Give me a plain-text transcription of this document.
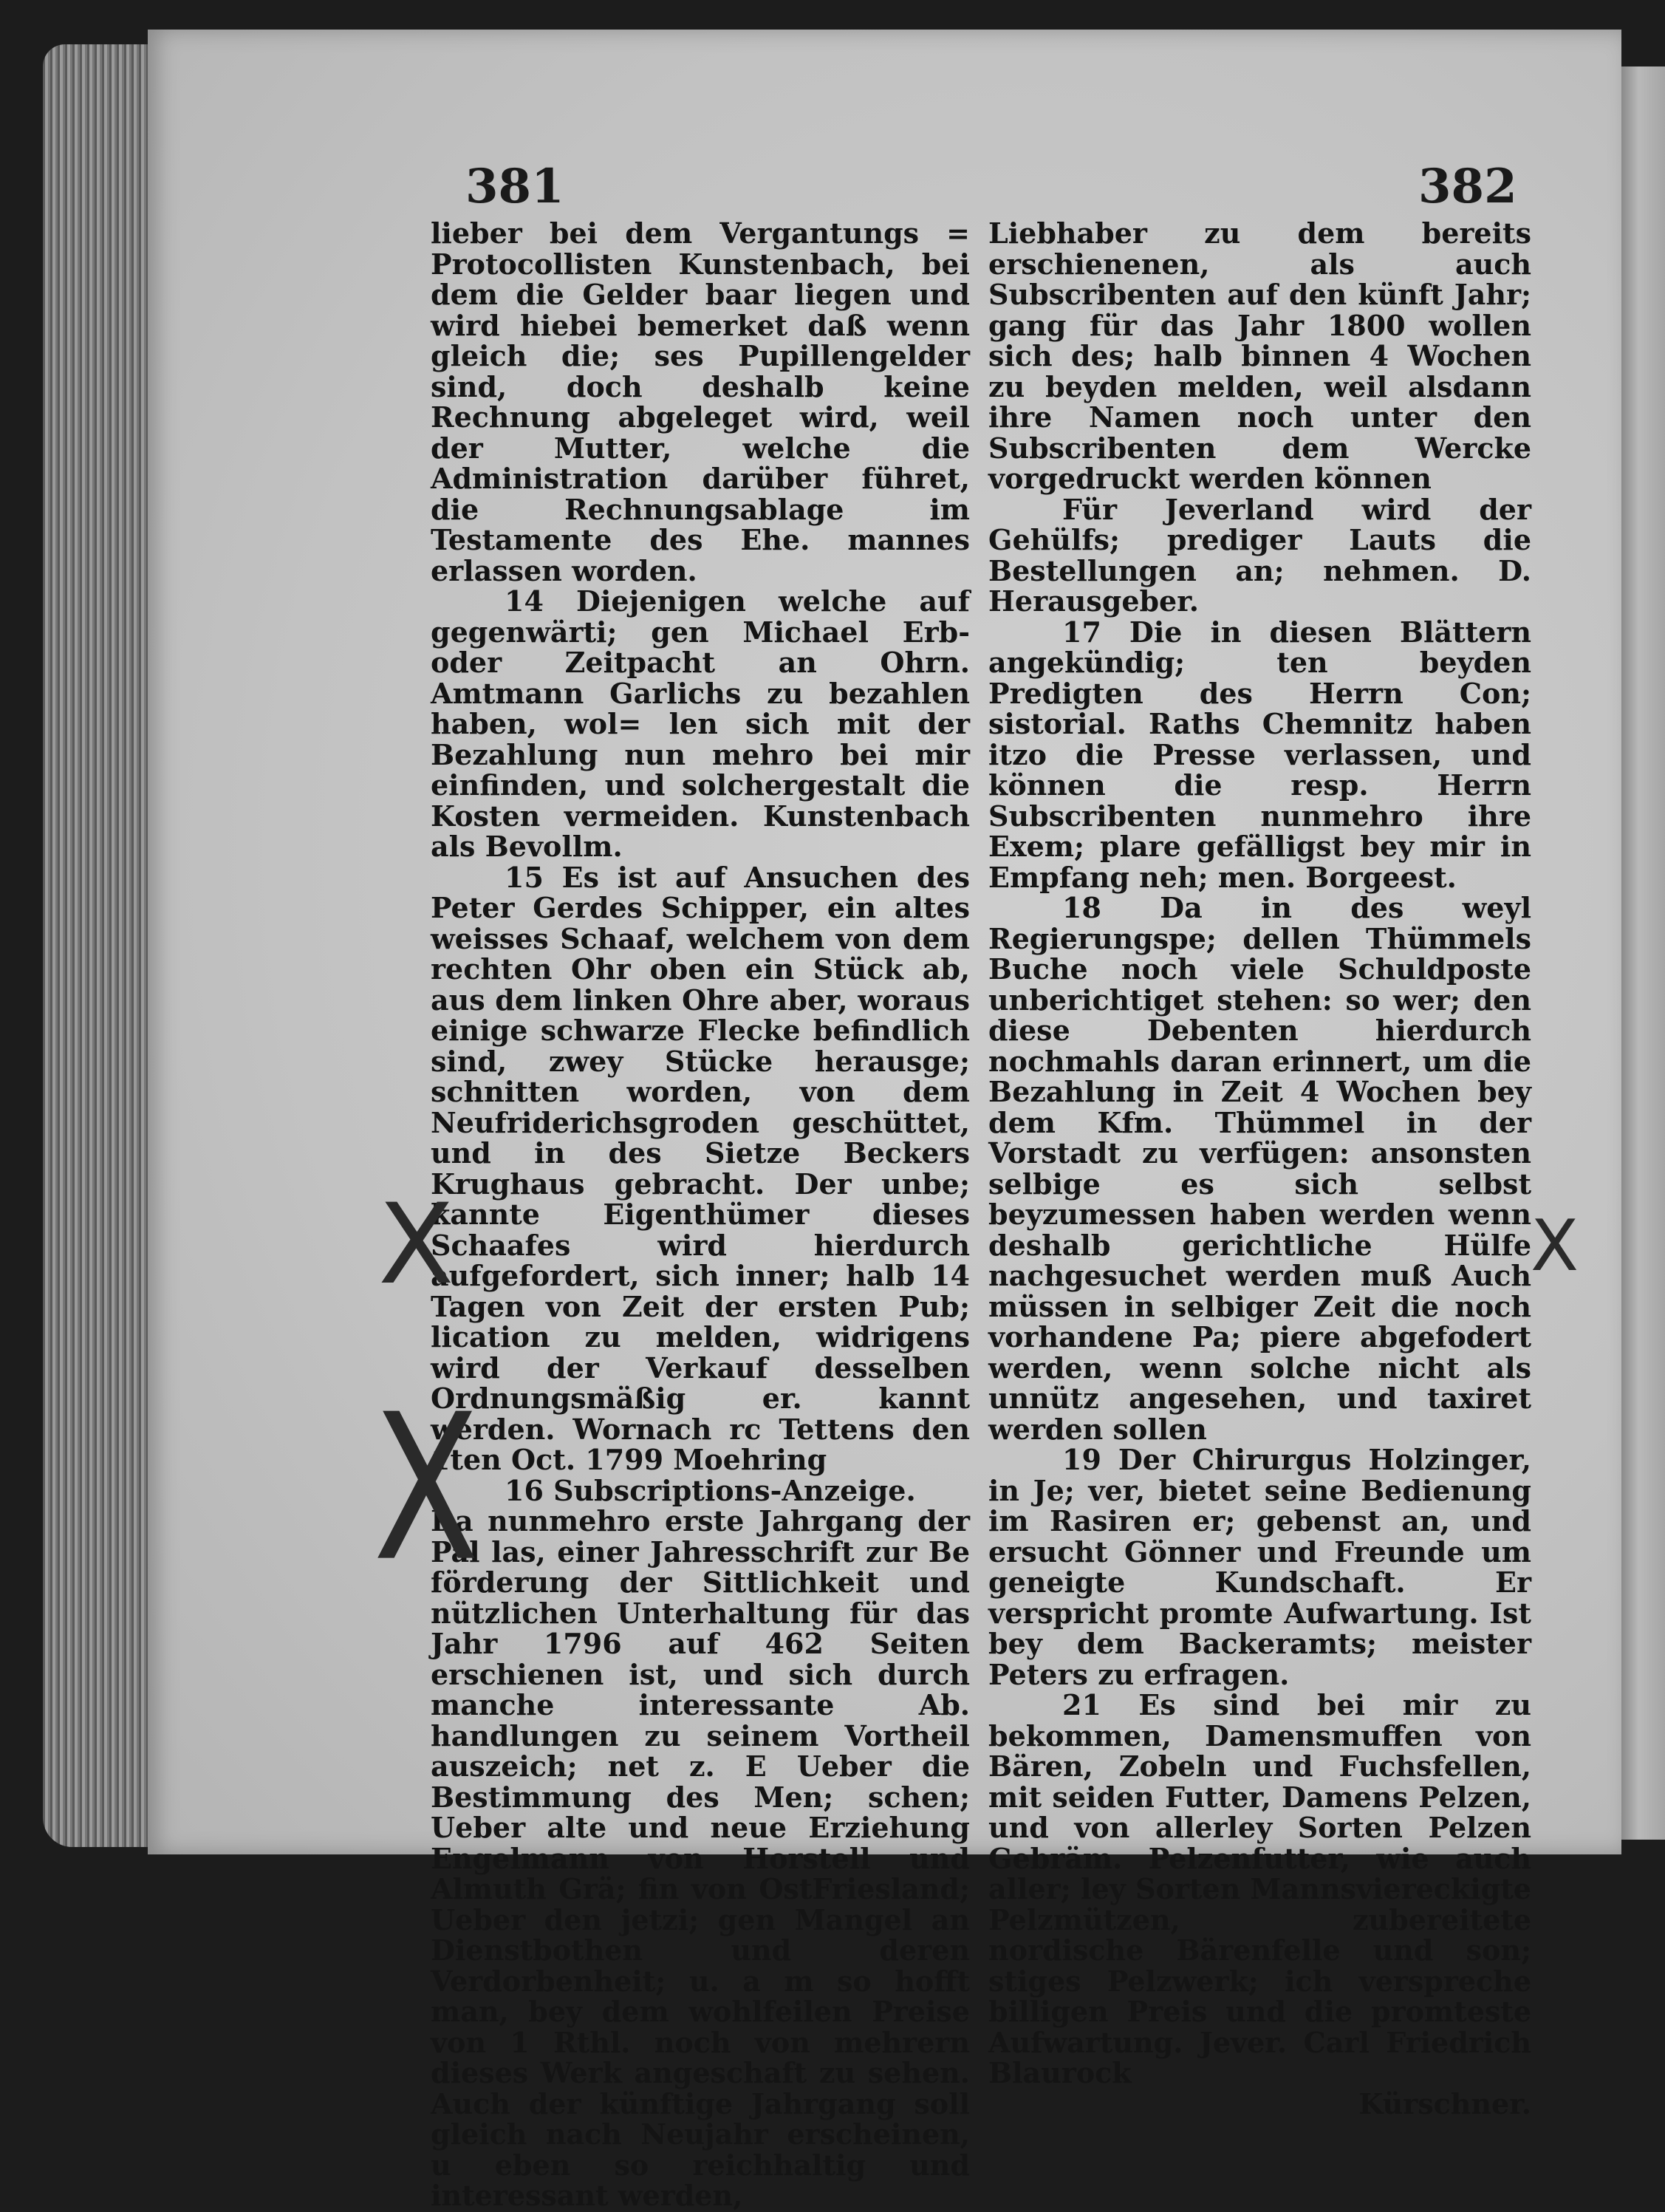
381	382

lieber bei dem Vergantungs = Protocollisten Kunstenbach, bei dem die Gelder baar liegen und wird hiebei bemerket daß wenn gleich die; ses Pupillengelder sind, doch deshalb keine Rechnung abgeleget wird, weil der Mutter, welche die Administration darüber führet, die Rechnungsablage im Testamente des Ehe. mannes erlassen worden.

14 Diejenigen welche auf gegenwärti; gen Michael Erb- oder Zeitpacht an Ohrn. Amtmann Garlichs zu bezahlen haben, wol= len sich mit der Bezahlung nun mehro bei mir einfinden, und solchergestalt die Kosten vermeiden. Kunstenbach als Bevollm.

15 Es ist auf Ansuchen des Peter Gerdes Schipper, ein altes weisses Schaaf, welchem von dem rechten Ohr oben ein Stück ab, aus dem linken Ohre aber, woraus einige schwarze Flecke befindlich sind, zwey Stücke herausge; schnitten worden, von dem Neufriderichsgroden geschüttet, und in des Sietze Beckers Krughaus gebracht. Der unbe; kannte Eigenthümer dieses Schaafes wird hierdurch aufgefordert, sich inner; halb 14 Tagen von Zeit der ersten Pub; lication zu melden, widrigens wird der Verkauf desselben Ordnungsmäßig er. kannt werden. Wornach rc Tettens den 1ten Oct. 1799 Moehring

16 Subscriptions-Anzeige.

Da nunmehro erste Jahrgang der Pal las, einer Jahresschrift zur Be förderung der Sittlichkeit und nützlichen Unterhaltung für das Jahr 1796 auf 462 Seiten erschienen ist, und sich durch manche interessante Ab. handlungen zu seinem Vortheil auszeich; net z. E Ueber die Bestimmung des Men; schen; Ueber alte und neue Erziehung Engelmann von Horstell und Almuth Grä; fin von OstFriesland; Ueber den jetzi; gen Mangel an Dienstbothen und deren Verdorbenheit; u. a m so hofft man, bey dem wohlfeilen Preise von 1 Rthl. noch von mehrern dieses Werk angeschaft zu sehen. Auch der künftige Jahrgang soll gleich nach Neujahr erscheinen, u eben so reichhaltig und interessant werden,

Liebhaber zu dem bereits erschienenen, als auch Subscribenten auf den künft Jahr; gang für das Jahr 1800 wollen sich des; halb binnen 4 Wochen zu beyden melden, weil alsdann ihre Namen noch unter den Subscribenten dem Wercke vorgedruckt werden können

Für Jeverland wird der Gehülfs; prediger Lauts die Bestellungen an; nehmen. D. Herausgeber.

17 Die in diesen Blättern angekündig; ten beyden Predigten des Herrn Con; sistorial. Raths Chemnitz haben itzo die Presse verlassen, und können die resp. Herrn Subscribenten nunmehro ihre Exem; plare gefälligst bey mir in Empfang neh; men. Borgeest.

18 Da in des weyl Regierungspe; dellen Thümmels Buche noch viele Schuldposte unberichtiget stehen: so wer; den diese Debenten hierdurch nochmahls daran erinnert, um die Bezahlung in Zeit 4 Wochen bey dem Kfm. Thümmel in der Vorstadt zu verfügen: ansonsten selbige es sich selbst beyzumessen haben werden wenn deshalb gerichtliche Hülfe nachgesuchet werden muß Auch müssen in selbiger Zeit die noch vorhandene Pa; piere abgefodert werden, wenn solche nicht als unnütz angesehen, und taxiret werden sollen

19 Der Chirurgus Holzinger, in Je; ver, bietet seine Bedienung im Rasiren er; gebenst an, und ersucht Gönner und Freunde um geneigte Kundschaft. Er verspricht promte Aufwartung. Ist bey dem Backeramts; meister Peters zu erfragen.

21 Es sind bei mir zu bekommen, Damensmuffen von Bären, Zobeln und Fuchsfellen, mit seiden Futter, Damens Pelzen, und von allerley Sorten Pelzen Gebräm. Pelzenfutter, wie auch aller; ley Sorten Mannsviereckigte Pelzmützen, zubereitete nordische Bärenfelle und son; stiges Pelzwerk; ich verspreche billigen Preis und die promteste Aufwartung. Jever. Carl Friedrich Blaurock

Kürschner.

X
X
X
